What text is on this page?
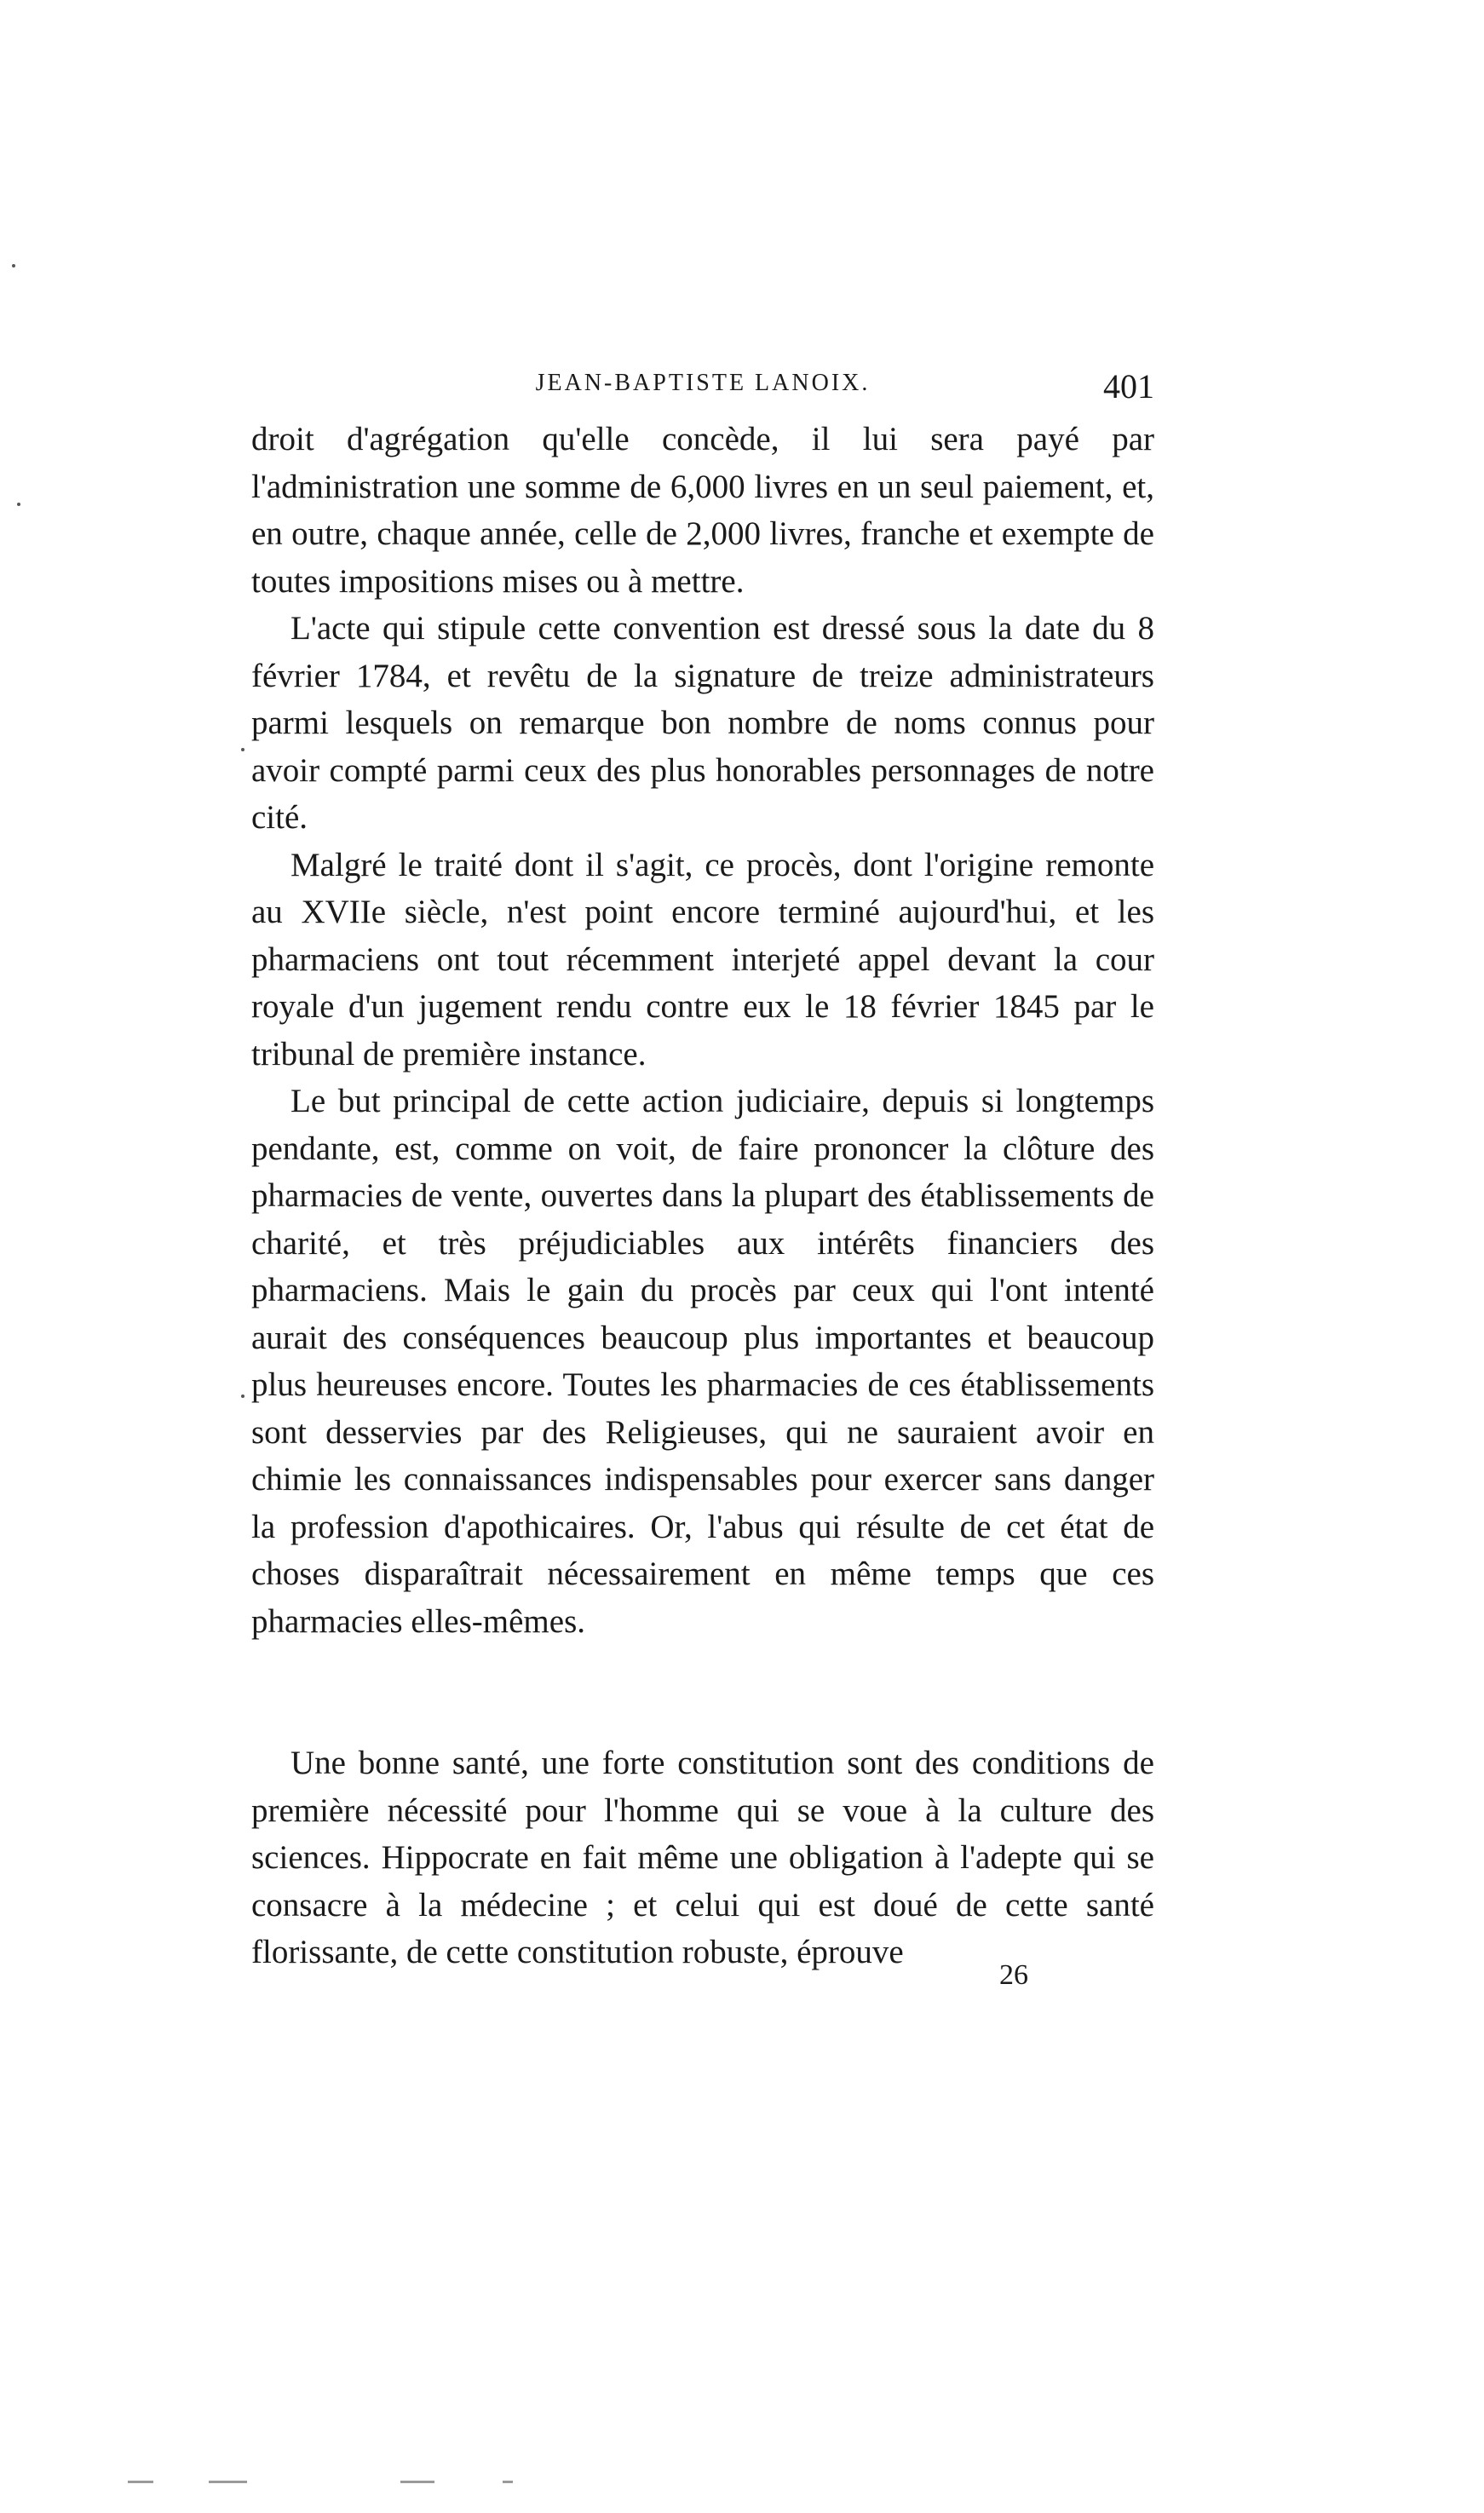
JEAN-BAPTISTE LANOIX.	401

droit d'agrégation qu'elle concède, il lui sera payé par l'administration une somme de 6,000 livres en un seul paiement, et, en outre, chaque année, celle de 2,000 livres, franche et exempte de toutes impositions mises ou à mettre.

L'acte qui stipule cette convention est dressé sous la date du 8 février 1784, et revêtu de la signature de treize administrateurs parmi lesquels on remarque bon nombre de noms connus pour avoir compté parmi ceux des plus honorables personnages de notre cité.

Malgré le traité dont il s'agit, ce procès, dont l'origine remonte au XVIIe siècle, n'est point encore terminé aujourd'hui, et les pharmaciens ont tout récemment interjeté appel devant la cour royale d'un jugement rendu contre eux le 18 février 1845 par le tribunal de première instance.

Le but principal de cette action judiciaire, depuis si longtemps pendante, est, comme on voit, de faire prononcer la clôture des pharmacies de vente, ouvertes dans la plupart des établissements de charité, et très préjudiciables aux intérêts financiers des pharmaciens. Mais le gain du procès par ceux qui l'ont intenté aurait des conséquences beaucoup plus importantes et beaucoup plus heureuses encore. Toutes les pharmacies de ces établissements sont desservies par des Religieuses, qui ne sauraient avoir en chimie les connaissances indispensables pour exercer sans danger la profession d'apothicaires. Or, l'abus qui résulte de cet état de choses disparaîtrait nécessairement en même temps que ces pharmacies elles-mêmes.

Une bonne santé, une forte constitution sont des conditions de première nécessité pour l'homme qui se voue à la culture des sciences. Hippocrate en fait même une obligation à l'adepte qui se consacre à la médecine ; et celui qui est doué de cette santé florissante, de cette constitution robuste, éprouve

26
